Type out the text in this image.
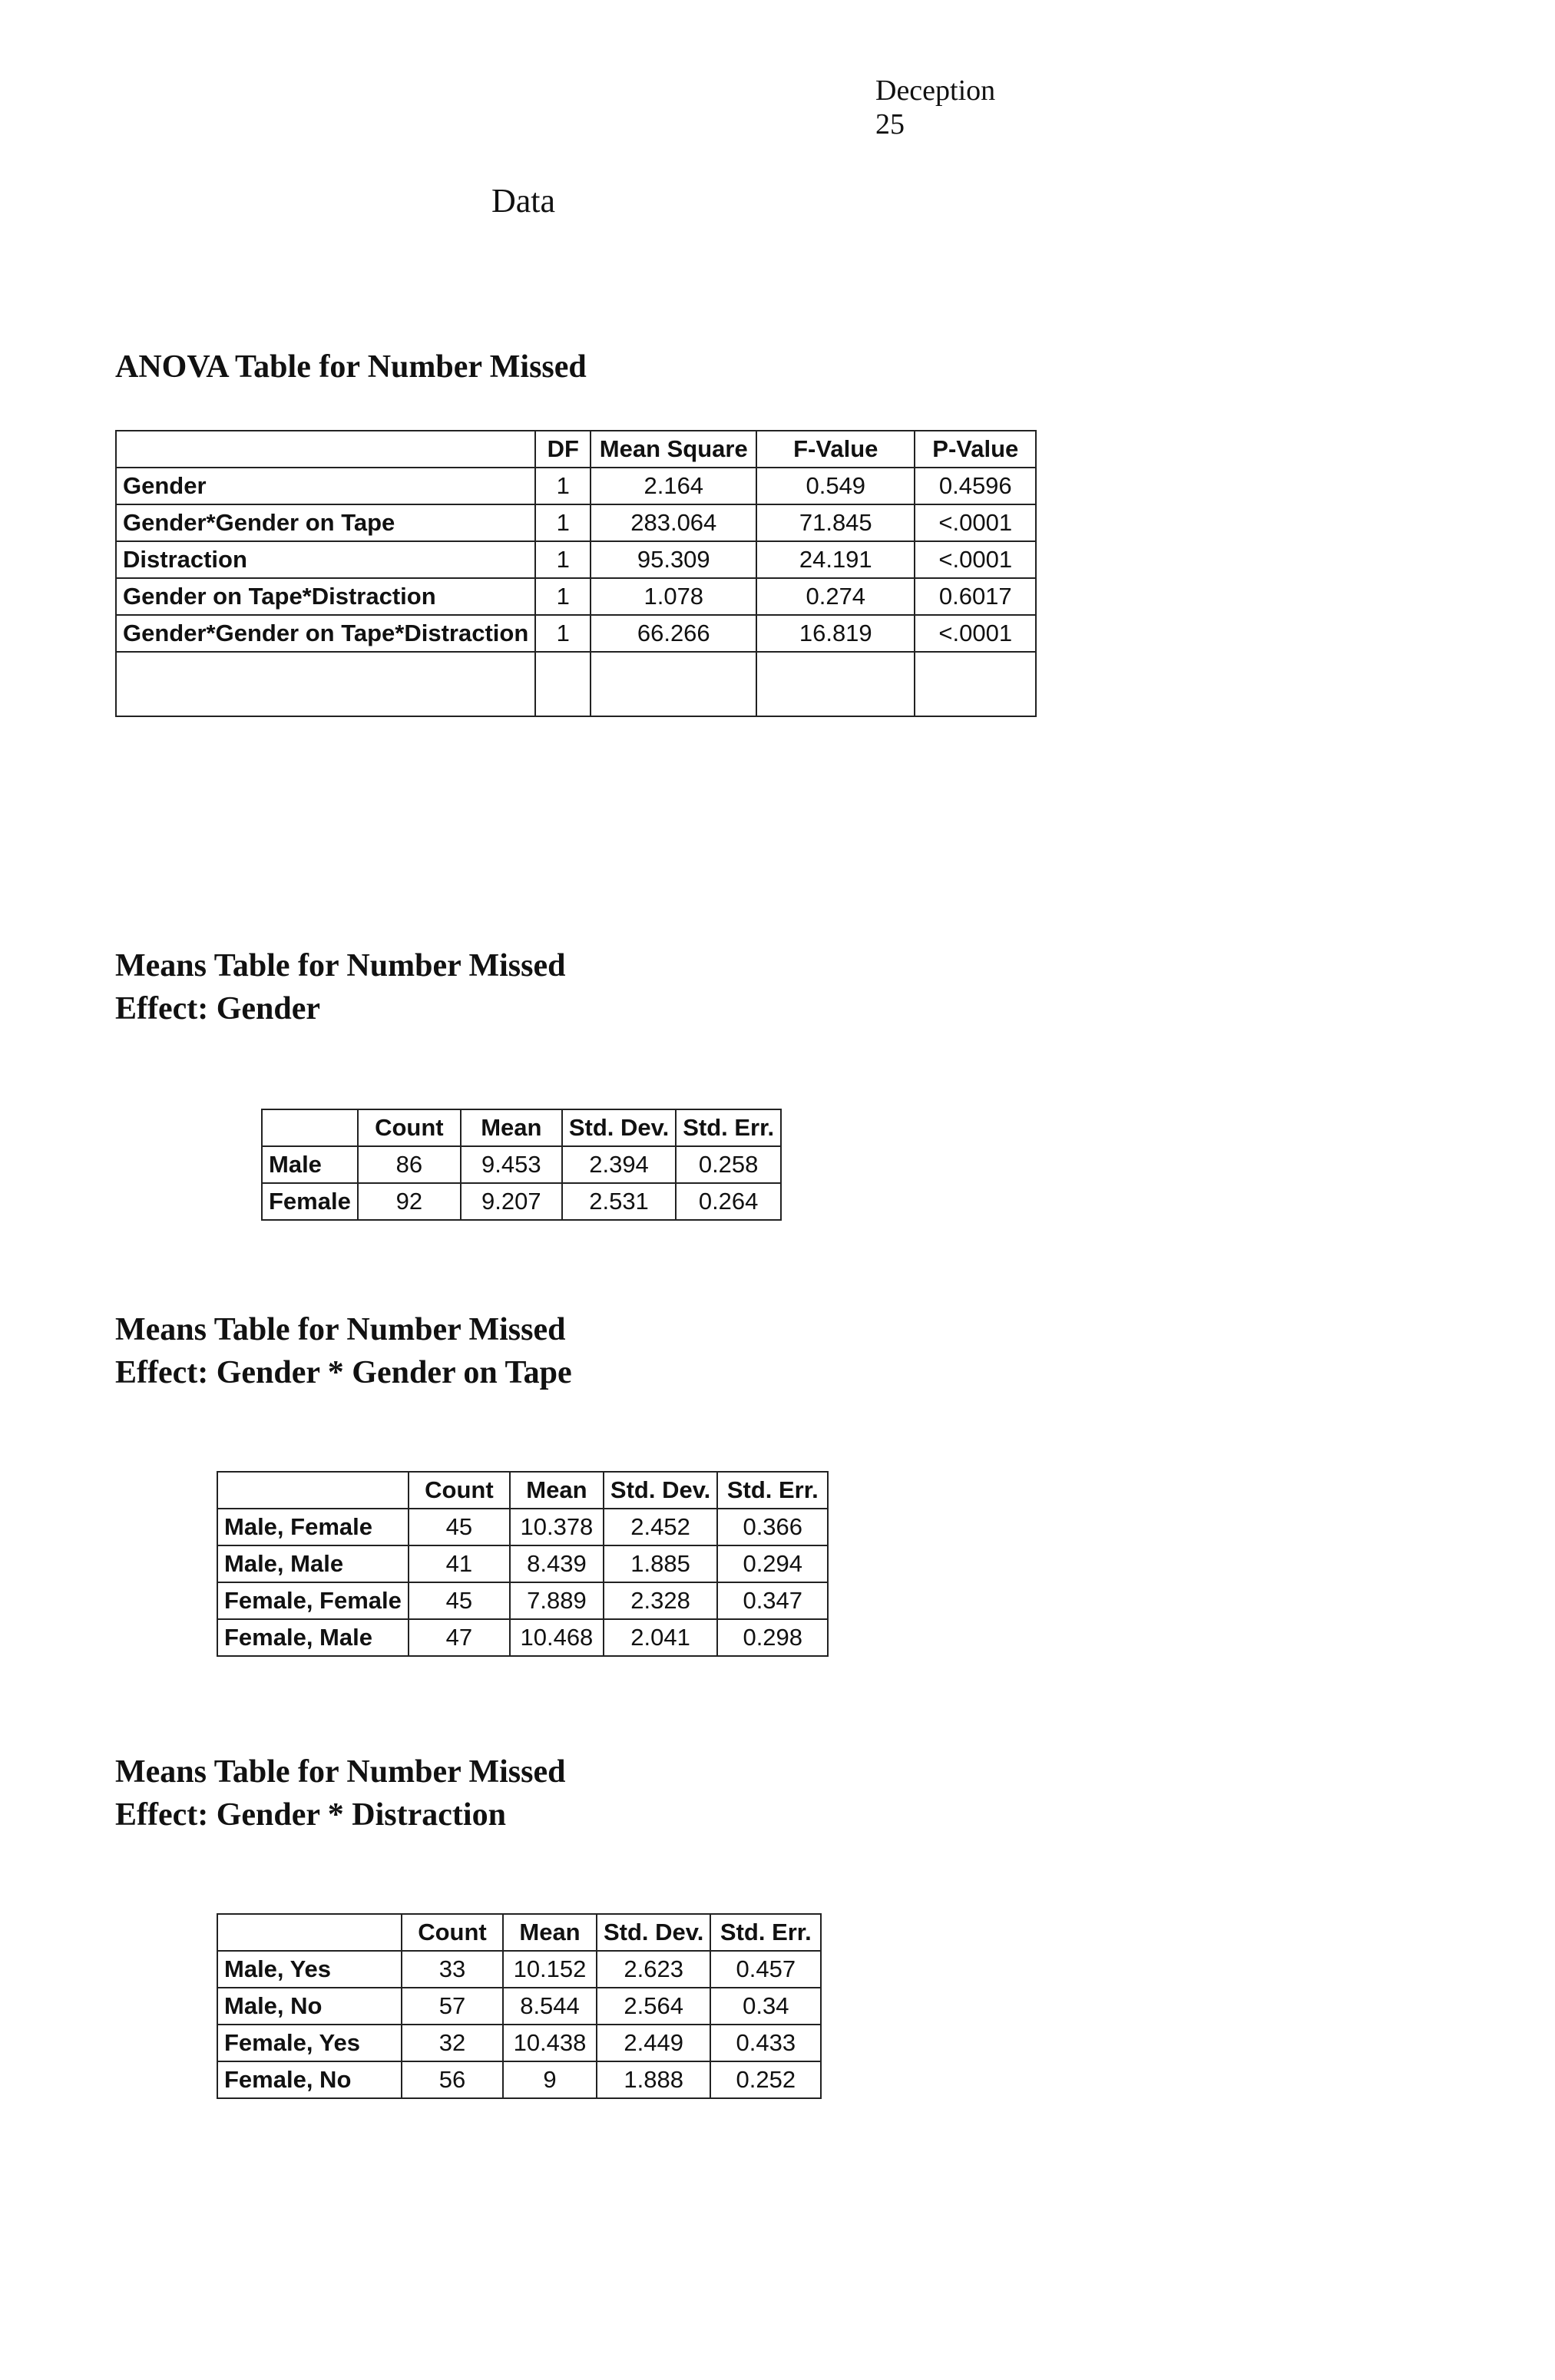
Deception 25
Data
ANOVA Table for Number Missed
	DF	Mean Square	F-Value	P-Value
Gender	1	2.164	0.549	0.4596
Gender*Gender on Tape	1	283.064	71.845	<.0001
Distraction	1	95.309	24.191	<.0001
Gender on Tape*Distraction	1	1.078	0.274	0.6017
Gender*Gender on Tape*Distraction	1	66.266	16.819	<.0001

Means Table for Number Missed
Effect: Gender
	Count	Mean	Std. Dev.	Std. Err.
Male	86	9.453	2.394	0.258
Female	92	9.207	2.531	0.264
Means Table for Number Missed
Effect: Gender * Gender on Tape
	Count	Mean	Std. Dev.	Std. Err.
Male, Female	45	10.378	2.452	0.366
Male, Male	41	8.439	1.885	0.294
Female, Female	45	7.889	2.328	0.347
Female, Male	47	10.468	2.041	0.298
Means Table for Number Missed
Effect: Gender * Distraction
	Count	Mean	Std. Dev.	Std. Err.
Male, Yes	33	10.152	2.623	0.457
Male, No	57	8.544	2.564	0.34
Female, Yes	32	10.438	2.449	0.433
Female, No	56	9	1.888	0.252
